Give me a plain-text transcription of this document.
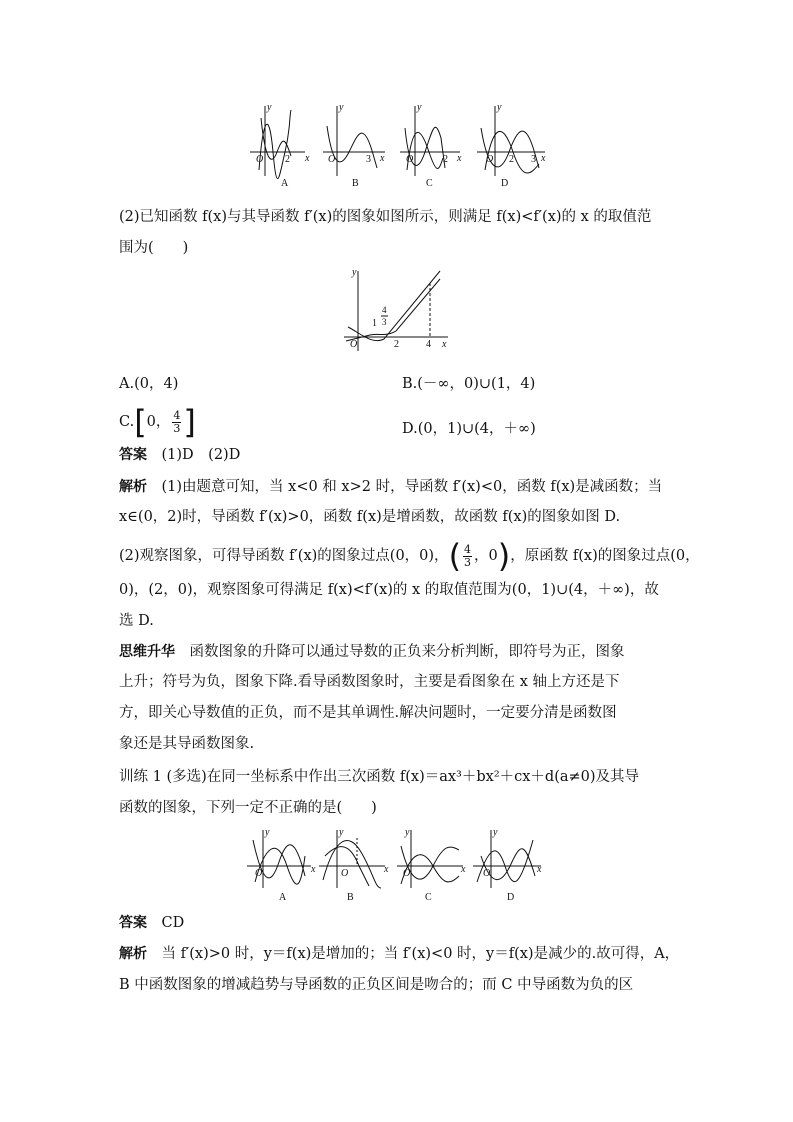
y
O 2 x
y
O	3 x
y
O	2 x
y
O 2 3 x
A	B	C	D
(2)已知函数 f(x)与其导函数 f′(x)的图象如图所示，则满足 f(x)<f′(x)的 x 的取值范
围为(　　)
y
O
1
4
3
2	4 x
A.(0，4)	B.(－∞，0)∪(1，4)
C.[0， $\frac{4}{3}$ ]	D.(0，1)∪(4，＋∞)
答案　 (1)D　(2)D
解析　 (1)由题意可知，当 x<0 和 x>2 时，导函数 f′(x)<0，函数 f(x)是减函数；当
x∈(0，2)时，导函数 f′(x)>0，函数 f(x)是增函数，故函数 f(x)的图象如图 D.
(2)观察图象，可得导函数 f′(x)的图象过点(0，0)，( $\frac{4}{3}$ ，0)，原函数 f(x)的图象过点(0，
0)，(2，0)，观察图象可得满足 f(x)<f′(x)的 x 的取值范围为(0，1)∪(4，＋∞)，故
选 D.
思维升华　 函数图象的升降可以通过导数的正负来分析判断，即符号为正，图象
上升；符号为负，图象下降.看导函数图象时，主要是看图象在 x 轴上方还是下
方，即关心导数值的正负，而不是其单调性.解决问题时，一定要分清是函数图
象还是其导函数图象.
训练 1 (多选)在同一坐标系中作出三次函数 f(x)＝ax³＋bx²＋cx＋d(a≠0)及其导
函数的图象，下列一定不正确的是(　　)
y
O	x
y
O	x
y
O	x
y
O	x
A	B	C	D
答案　 CD
解析　 当 f′(x)>0 时，y＝f(x)是增加的；当 f′(x)<0 时，y＝f(x)是减少的.故可得，A，
B 中函数图象的增减趋势与导函数的正负区间是吻合的；而 C 中导函数为负的区
